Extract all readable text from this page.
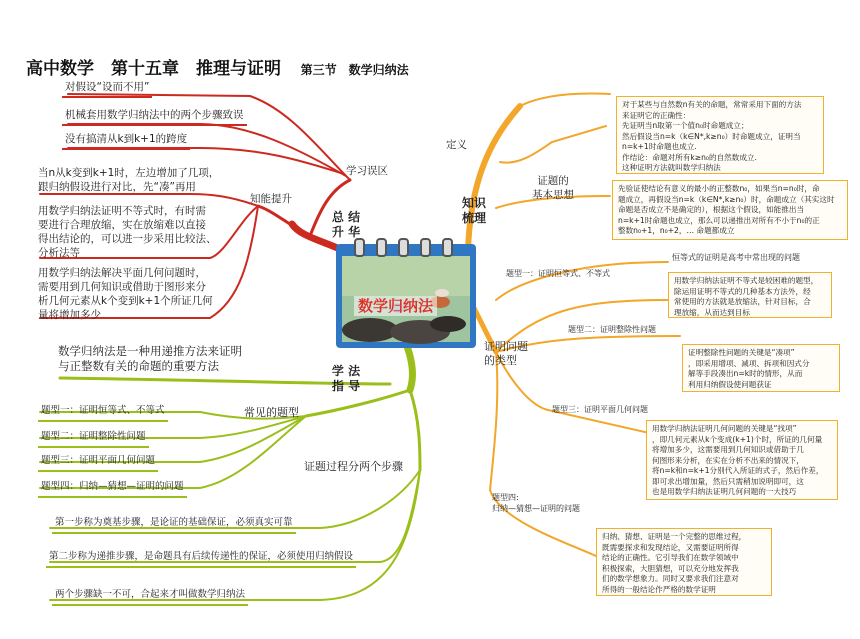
高中数学　第十五章　推理与证明 第三节　数学归纳法
数学归纳法
总 结
升 华
学习误区
知能提升
对假设“设而不用”
机械套用数学归纳法中的两个步骤致误
没有搞清从k到k+1的跨度
当n从k变到k+1时，左边增加了几项，
跟归纳假设进行对比，先“凑”再用
用数学归纳法证明不等式时，有时需
要进行合理放缩，实在放缩难以直接
得出结论的，可以进一步采用比较法、
分析法等
用数学归纳法解决平面几何问题时，
需要用到几何知识或借助于图形来分
析几何元素从k个变到k+1个所证几何
量将增加多少
知识
梳理
定义
对于某些与自然数n有关的命题，常常采用下面的方法
来证明它的正确性：
先证明当n取第一个值n₀时命题成立；
然后假设当n=k（k∈N*,k≥n₀）时命题成立，证明当
n=k+1时命题也成立.
作结论：命题对所有k≥n₀的自然数成立.
这种证明方法就叫数学归纳法
证题的
基本思想
先验证使结论有意义的最小的正整数n₀，如果当n=n₀时，命
题成立，再假设当n=k（k∈N*,k≥n₀）时，命题成立（其实这时
命题是否成立不是确定的），根据这个假设，如能推出当
n=k+1时命题也成立，那么可以递推出对所有不小于n₀的正
整数n₀+1，n₀+2，… 命题都成立
证明问题
的类型
题型一：证明恒等式、不等式
恒等式的证明是高考中常出现的问题
用数学归纳法证明不等式是较困难的题型，
除运用证明不等式的几种基本方法外，经
常使用的方法就是放缩法，针对目标，合
理放缩，从而达到目标
题型二：证明整除性问题
证明整除性问题的关键是“凑项”
，即采用增项、减项、拆项和因式分
解等手段凑出n=k时的情形，从而
利用归纳假设使问题获证
题型三：证明平面几何问题
用数学归纳法证明几何问题的关键是“找项”
，即几何元素从k个变成(k+1)个时，所证的几何量
将增加多少，这需要用到几何知识或借助于几
何图形来分析，在实在分析不出来的情况下，
将n=k和n=k+1分别代入所证的式子，然后作差，
即可求出增加量，然后只需稍加说明即可，这
也是用数学归纳法证明几何问题的一大技巧
题型四:
归纳—猜想—证明的问题
归纳、猜想、证明是一个完整的思维过程，
既需要探求和发现结论，又需要证明所得
结论的正确性。它引导我们在数学领域中
积极探索，大胆猜想，可以充分地发挥我
们的数学想象力。同时又要求我们注意对
所得的一般结论作严格的数学证明
学 法
指 导
数学归纳法是一种用递推方法来证明
与正整数有关的命题的重要方法
常见的题型
题型一：证明恒等式、不等式
题型二：证明整除性问题
题型三：证明平面几何问题
题型四：归纳—猜想—证明的问题
证题过程分两个步骤
第一步称为奠基步骤，是论证的基础保证，必须真实可靠
第二步称为递推步骤，是命题具有后续传递性的保证，必须使用归纳假设
两个步骤缺一不可，合起来才叫做数学归纳法
